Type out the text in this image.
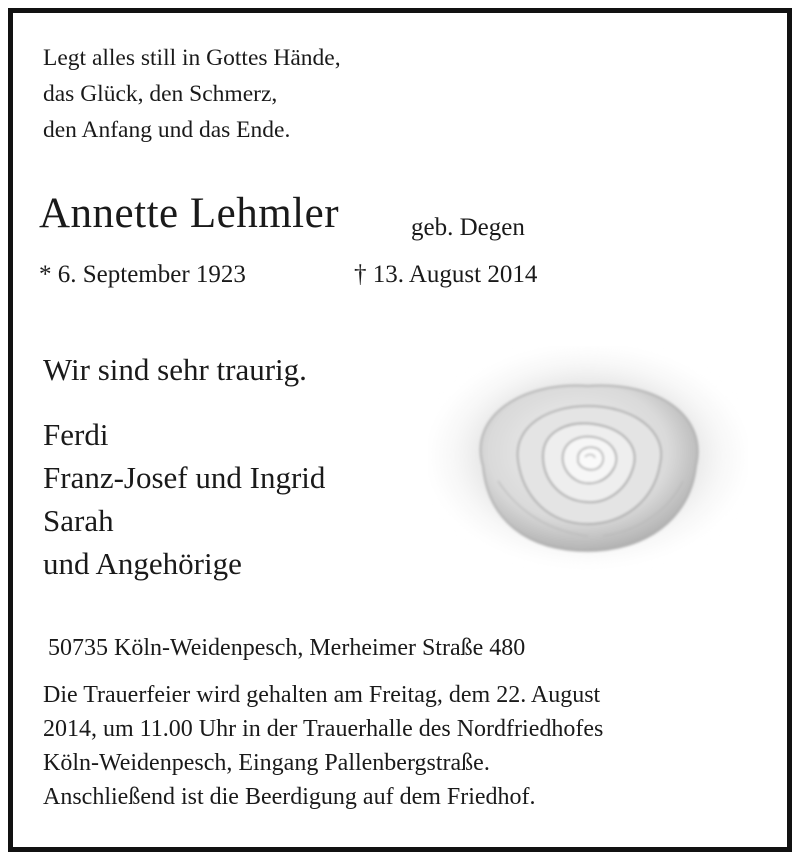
Legt alles still in Gottes Hände,
das Glück, den Schmerz,
den Anfang und das Ende.
Annette Lehmler	geb. Degen
* 6. September 1923	† 13. August 2014
Wir sind sehr traurig.
Ferdi
Franz-Josef und Ingrid
Sarah
und Angehörige
50735 Köln-Weidenpesch, Merheimer Straße 480
Die Trauerfeier wird gehalten am Freitag, dem 22. August
2014, um 11.00 Uhr in der Trauerhalle des Nordfriedhofes
Köln-Weidenpesch, Eingang Pallenbergstraße.
Anschließend ist die Beerdigung auf dem Friedhof.
